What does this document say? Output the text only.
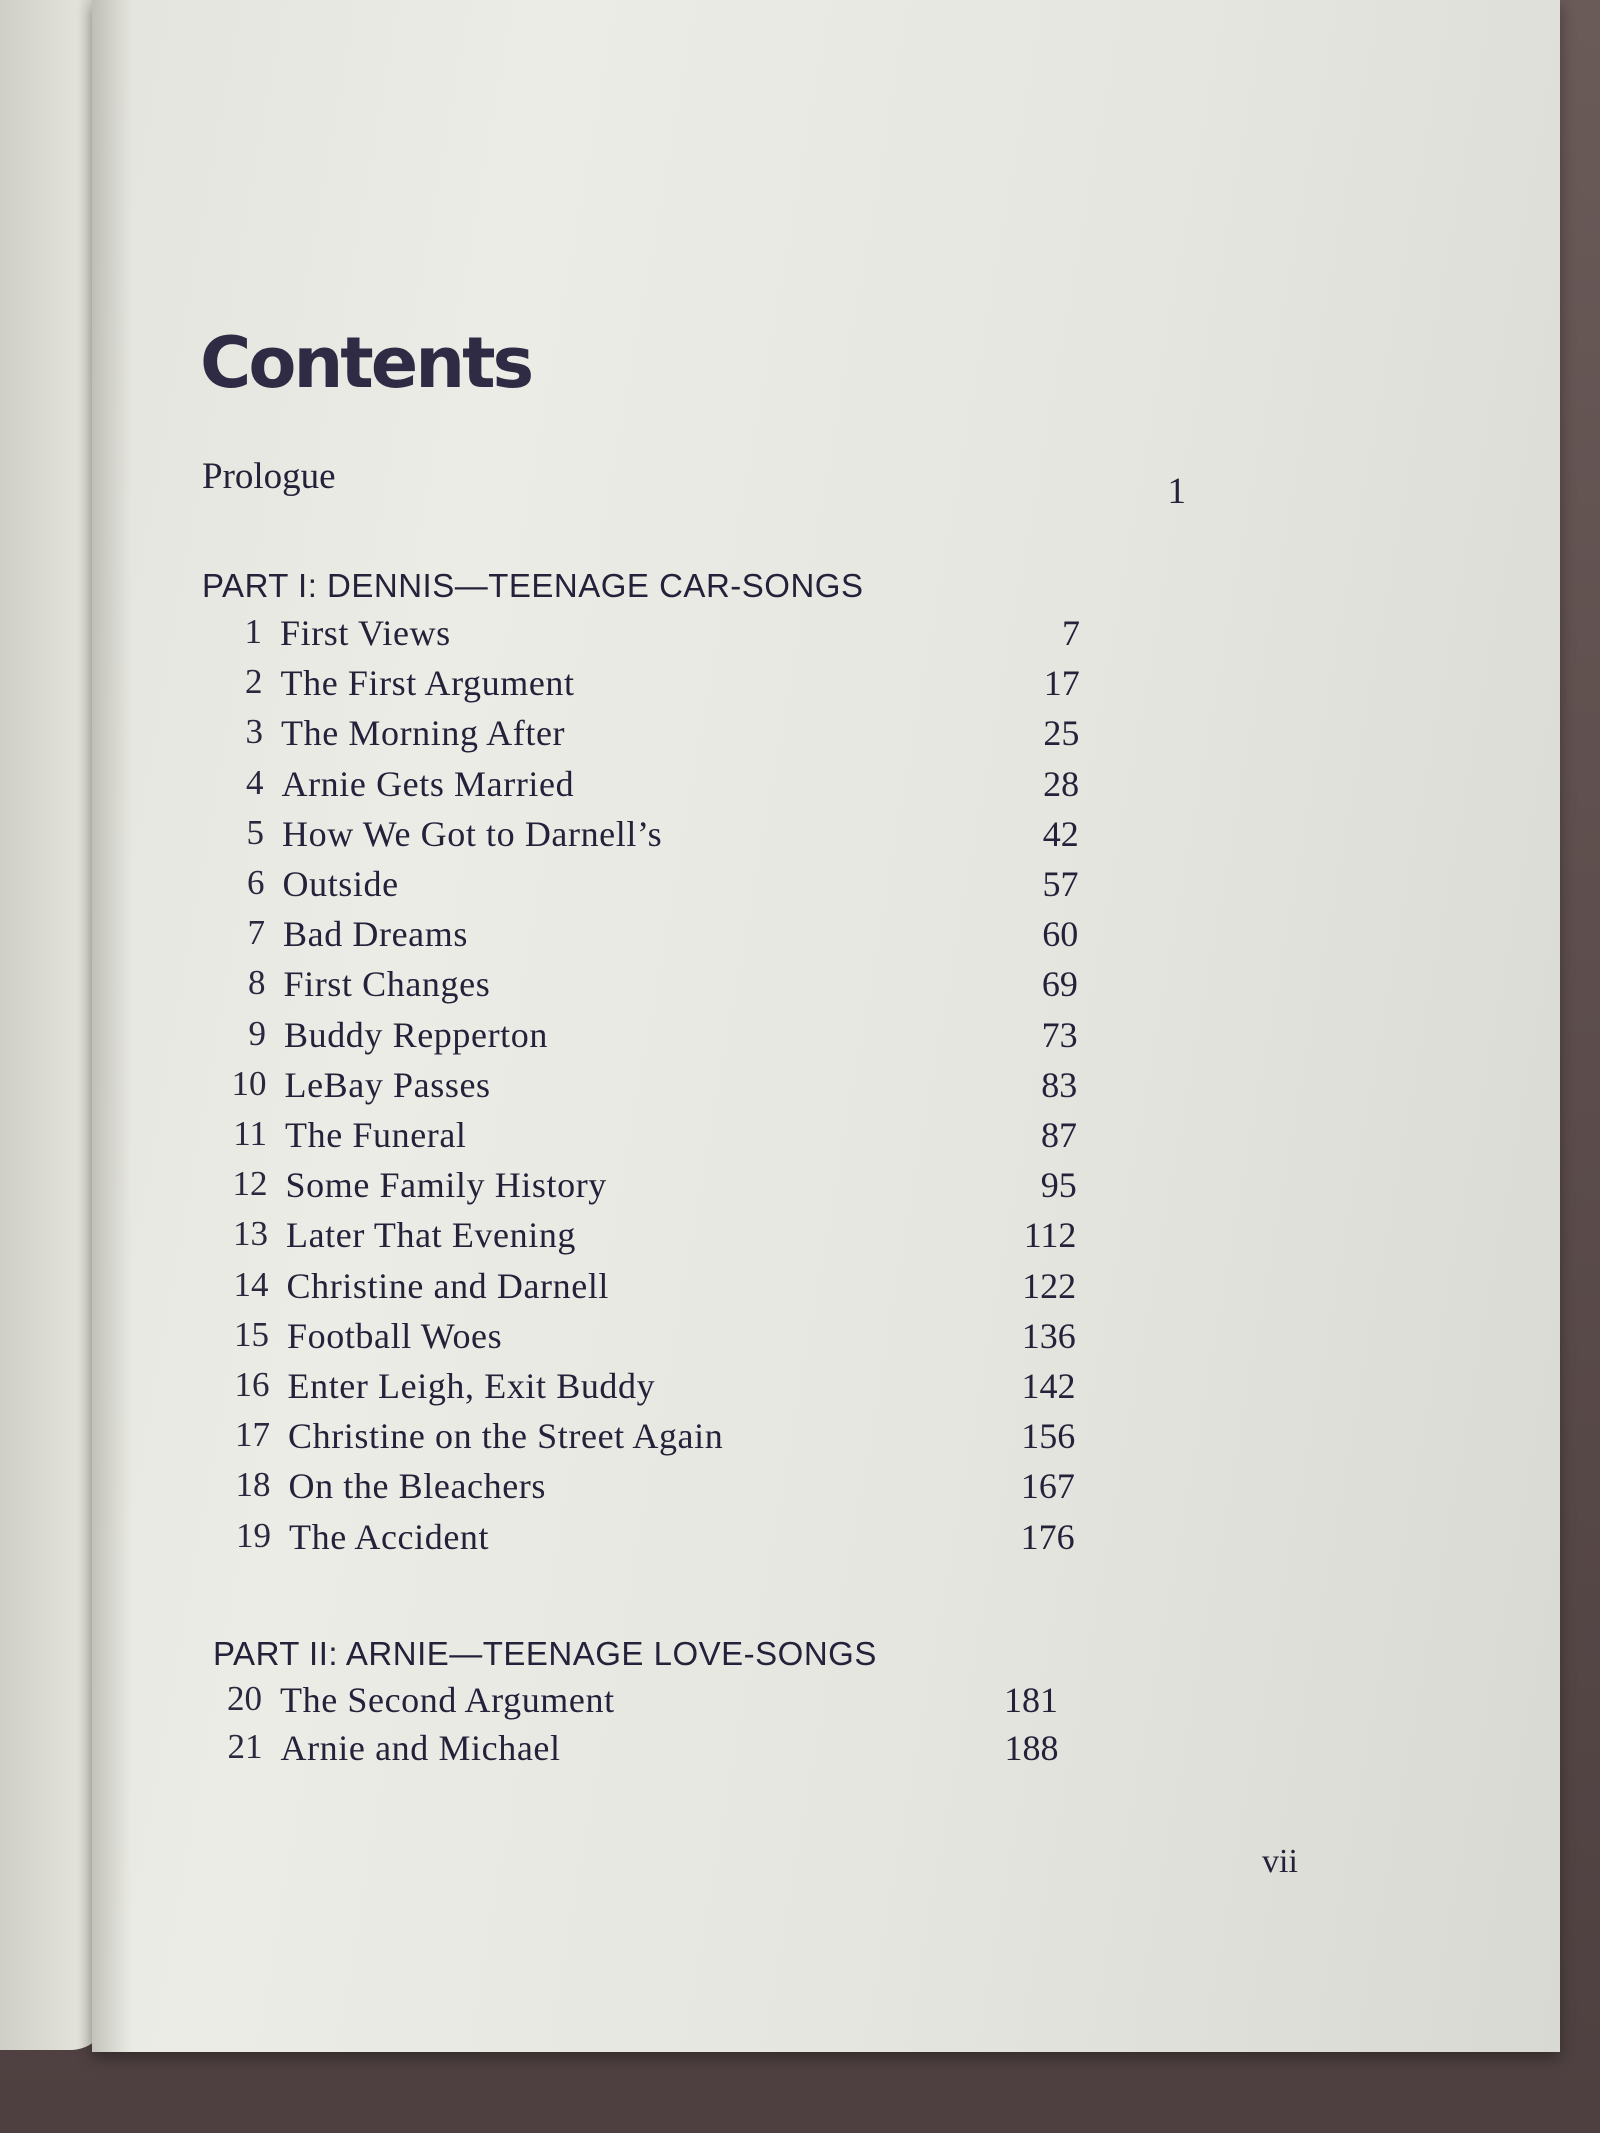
Contents
Prologue	1
PART I: DENNIS—TEENAGE CAR-SONGS
1 First Views	7
2 The First Argument	17
3 The Morning After	25
4 Arnie Gets Married	28
5 How We Got to Darnell’s	42
6 Outside	57
7 Bad Dreams	60
8 First Changes	69
9 Buddy Repperton	73
10 LeBay Passes	83
11 The Funeral	87
12 Some Family History	95
13 Later That Evening	112
14 Christine and Darnell	122
15 Football Woes	136
16 Enter Leigh, Exit Buddy	142
17 Christine on the Street Again	156
18 On the Bleachers	167
19 The Accident	176
PART II: ARNIE—TEENAGE LOVE-SONGS
20 The Second Argument	181
21 Arnie and Michael	188
vii
